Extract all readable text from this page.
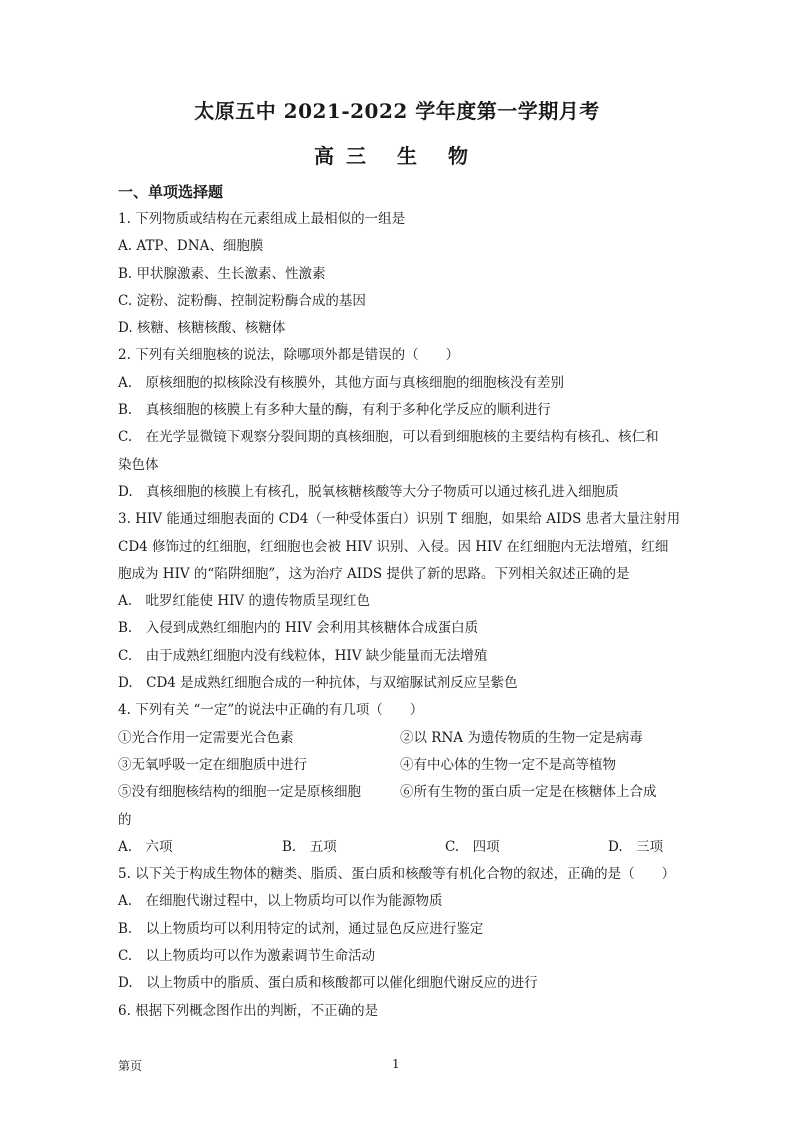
太原五中 2021-2022 学年度第一学期月考
高三 生 物
一、单项选择题
1. 下列物质或结构在元素组成上最相似的一组是
A. ATP、DNA、细胞膜
B. 甲状腺激素、生长激素、性激素
C. 淀粉、淀粉酶、控制淀粉酶合成的基因
D. 核糖、核糖核酸、核糖体
2. 下列有关细胞核的说法，除哪项外都是错误的（　　）
A.　原核细胞的拟核除没有核膜外，其他方面与真核细胞的细胞核没有差别
B.　真核细胞的核膜上有多种大量的酶，有利于多种化学反应的顺利进行
C.　在光学显微镜下观察分裂间期的真核细胞，可以看到细胞核的主要结构有核孔、核仁和
染色体
D.　真核细胞的核膜上有核孔，脱氧核糖核酸等大分子物质可以通过核孔进入细胞质
3. HIV 能通过细胞表面的 CD4（一种受体蛋白）识别 T 细胞，如果给 AIDS 患者大量注射用
CD4 修饰过的红细胞，红细胞也会被 HIV 识别、入侵。因 HIV 在红细胞内无法增殖，红细
胞成为 HIV 的“陷阱细胞”，这为治疗 AIDS 提供了新的思路。下列相关叙述正确的是
A.　吡罗红能使 HIV 的遗传物质呈现红色
B.　入侵到成熟红细胞内的 HIV 会利用其核糖体合成蛋白质
C.　由于成熟红细胞内没有线粒体，HIV 缺少能量而无法增殖
D.　CD4 是成熟红细胞合成的一种抗体，与双缩脲试剂反应呈紫色
4. 下列有关 “一定”的说法中正确的有几项（　　）
①光合作用一定需要光合色素	②以 RNA 为遗传物质的生物一定是病毒
③无氧呼吸一定在细胞质中进行	④有中心体的生物一定不是高等植物
⑤没有细胞核结构的细胞一定是原核细胞	⑥所有生物的蛋白质一定是在核糖体上合成
的
A.　六项	B.　五项	C.　四项	D.　三项
5. 以下关于构成生物体的糖类、脂质、蛋白质和核酸等有机化合物的叙述，正确的是（　　）
A.　在细胞代谢过程中，以上物质均可以作为能源物质
B.　以上物质均可以利用特定的试剂，通过显色反应进行鉴定
C.　以上物质均可以作为激素调节生命活动
D.　以上物质中的脂质、蛋白质和核酸都可以催化细胞代谢反应的进行
6. 根据下列概念图作出的判断，不正确的是
第页	1
